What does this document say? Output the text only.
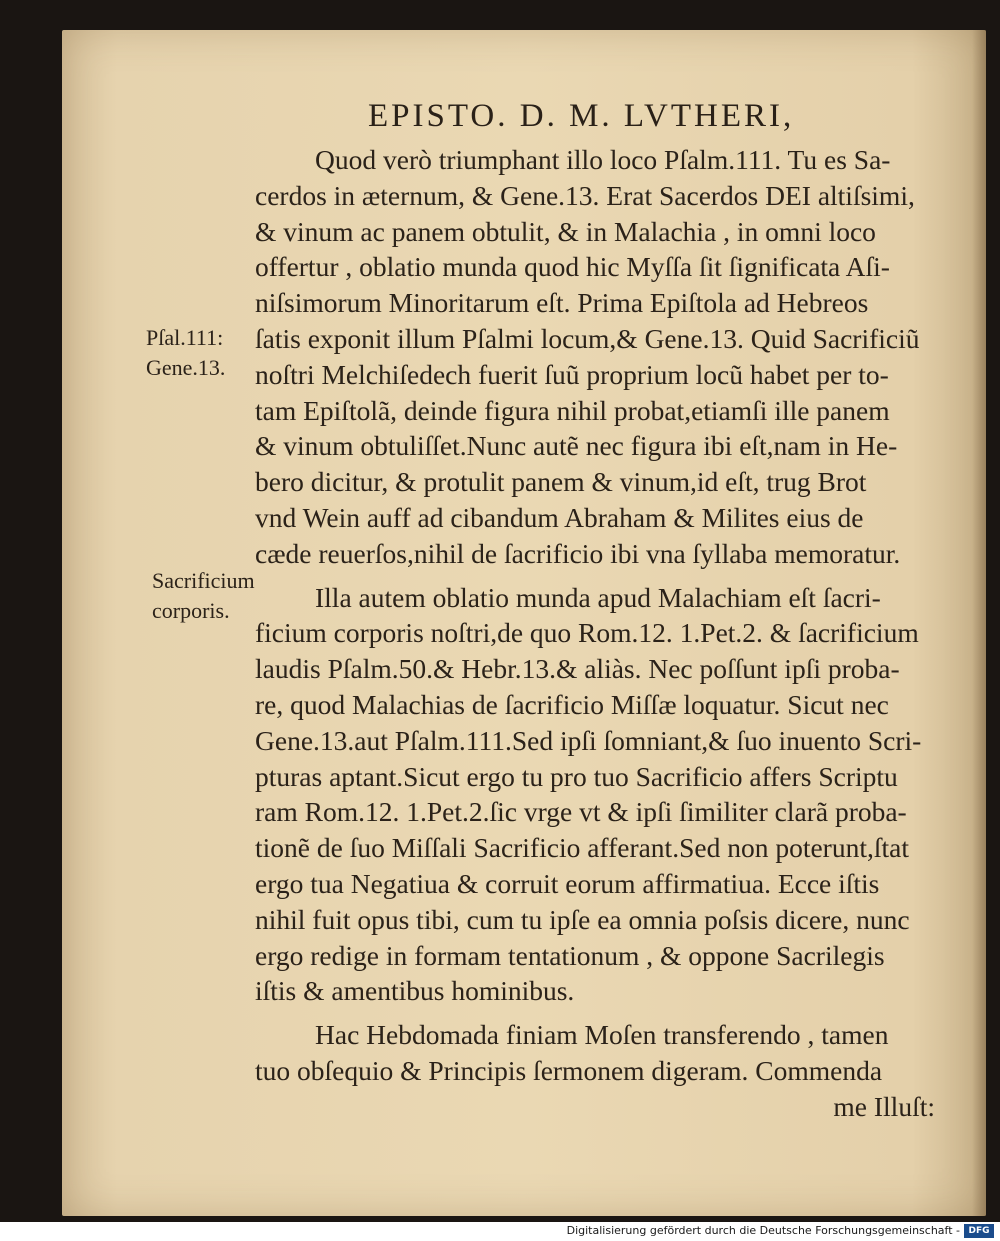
EPISTO. D. M. LVTHERI,
Quod verò triumphant illo loco Pſalm.111. Tu es Sa-
cerdos in æternum, & Gene.13. Erat Sacerdos DEI altiſsimi,
& vinum ac panem obtulit, & in Malachia , in omni loco
offertur , oblatio munda quod hic Myſſa ſit ſignificata Aſi-
niſsimorum Minoritarum eſt. Prima Epiſtola ad Hebreos
ſatis exponit illum Pſalmi locum,& Gene.13. Quid Sacrificiũ
noſtri Melchiſedech fuerit ſuũ proprium locũ habet per to-
tam Epiſtolã, deinde figura nihil probat,etiamſi ille panem
& vinum obtuliſſet.Nunc autẽ nec figura ibi eſt,nam in He-
bero dicitur, & protulit panem & vinum,id eſt, trug Brot
vnd Wein auff ad cibandum Abraham & Milites eius de
cæde reuerſos,nihil de ſacrificio ibi vna ſyllaba memoratur.
Illa autem oblatio munda apud Malachiam eſt ſacri-
ficium corporis noſtri,de quo Rom.12. 1.Pet.2. & ſacrificium
laudis Pſalm.50.& Hebr.13.& aliàs. Nec poſſunt ipſi proba-
re, quod Malachias de ſacrificio Miſſæ loquatur. Sicut nec
Gene.13.aut Pſalm.111.Sed ipſi ſomniant,& ſuo inuento Scri-
pturas aptant.Sicut ergo tu pro tuo Sacrificio affers Scriptu
ram Rom.12. 1.Pet.2.ſic vrge vt & ipſi ſimiliter clarã proba-
tionẽ de ſuo Miſſali Sacrificio afferant.Sed non poterunt,ſtat
ergo tua Negatiua & corruit eorum affirmatiua. Ecce iſtis
nihil fuit opus tibi, cum tu ipſe ea omnia poſsis dicere, nunc
ergo redige in formam tentationum , & oppone Sacrilegis
iſtis & amentibus hominibus.
Hac Hebdomada finiam Moſen transferendo , tamen
tuo obſequio & Principis ſermonem digeram. Commenda
me Illuſt:
Pſal.111:
Gene.13.
Sacrificium
corporis.
Digitalisierung gefördert durch die Deutsche Forschungsgemeinschaft - DFG
